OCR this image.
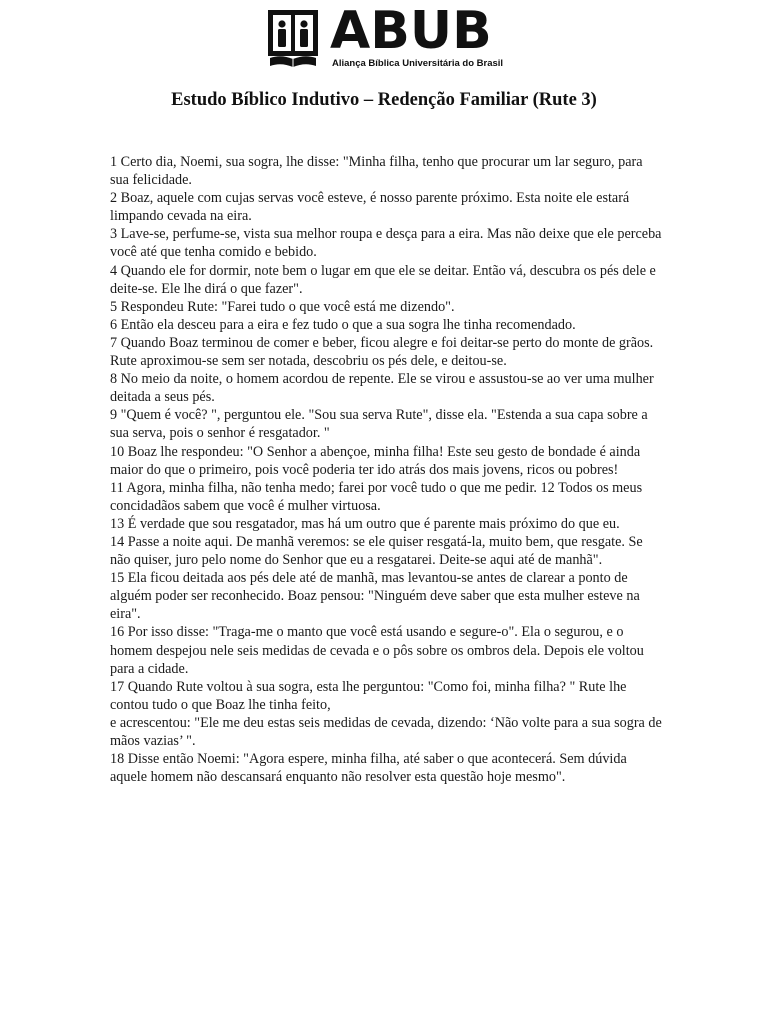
ABUB
Aliança Bíblica Universitária do Brasil
Estudo Bíblico Indutivo – Redenção Familiar (Rute 3)

1 Certo dia, Noemi, sua sogra, lhe disse: "Minha filha, tenho que procurar um lar seguro, para sua felicidade.

2 Boaz, aquele com cujas servas você esteve, é nosso parente próximo. Esta noite ele estará limpando cevada na eira.

3 Lave-se, perfume-se, vista sua melhor roupa e desça para a eira. Mas não deixe que ele perceba você até que tenha comido e bebido.

4 Quando ele for dormir, note bem o lugar em que ele se deitar. Então vá, descubra os pés dele e deite-se. Ele lhe dirá o que fazer".

5 Respondeu Rute: "Farei tudo o que você está me dizendo".

6 Então ela desceu para a eira e fez tudo o que a sua sogra lhe tinha recomendado.

7 Quando Boaz terminou de comer e beber, ficou alegre e foi deitar-se perto do monte de grãos. Rute aproximou-se sem ser notada, descobriu os pés dele, e deitou-se.

8 No meio da noite, o homem acordou de repente. Ele se virou e assustou-se ao ver uma mulher deitada a seus pés.

9 "Quem é você? ", perguntou ele. "Sou sua serva Rute", disse ela. "Estenda a sua capa sobre a sua serva, pois o senhor é resgatador. "

10 Boaz lhe respondeu: "O Senhor a abençoe, minha filha! Este seu gesto de bondade é ainda maior do que o primeiro, pois você poderia ter ido atrás dos mais jovens, ricos ou pobres!

11 Agora, minha filha, não tenha medo; farei por você tudo o que me pedir. 12 Todos os meus concidadãos sabem que você é mulher virtuosa.

13 É verdade que sou resgatador, mas há um outro que é parente mais próximo do que eu.

14 Passe a noite aqui. De manhã veremos: se ele quiser resgatá-la, muito bem, que resgate. Se não quiser, juro pelo nome do Senhor que eu a resgatarei. Deite-se aqui até de manhã".

15 Ela ficou deitada aos pés dele até de manhã, mas levantou-se antes de clarear a ponto de alguém poder ser reconhecido. Boaz pensou: "Ninguém deve saber que esta mulher esteve na eira".

16 Por isso disse: "Traga-me o manto que você está usando e segure-o". Ela o segurou, e o homem despejou nele seis medidas de cevada e o pôs sobre os ombros dela. Depois ele voltou para a cidade.

17 Quando Rute voltou à sua sogra, esta lhe perguntou: "Como foi, minha filha? " Rute lhe contou tudo o que Boaz lhe tinha feito,

e acrescentou: "Ele me deu estas seis medidas de cevada, dizendo: ‘Não volte para a sua sogra de mãos vazias’ ".

18 Disse então Noemi: "Agora espere, minha filha, até saber o que acontecerá. Sem dúvida aquele homem não descansará enquanto não resolver esta questão hoje mesmo".
